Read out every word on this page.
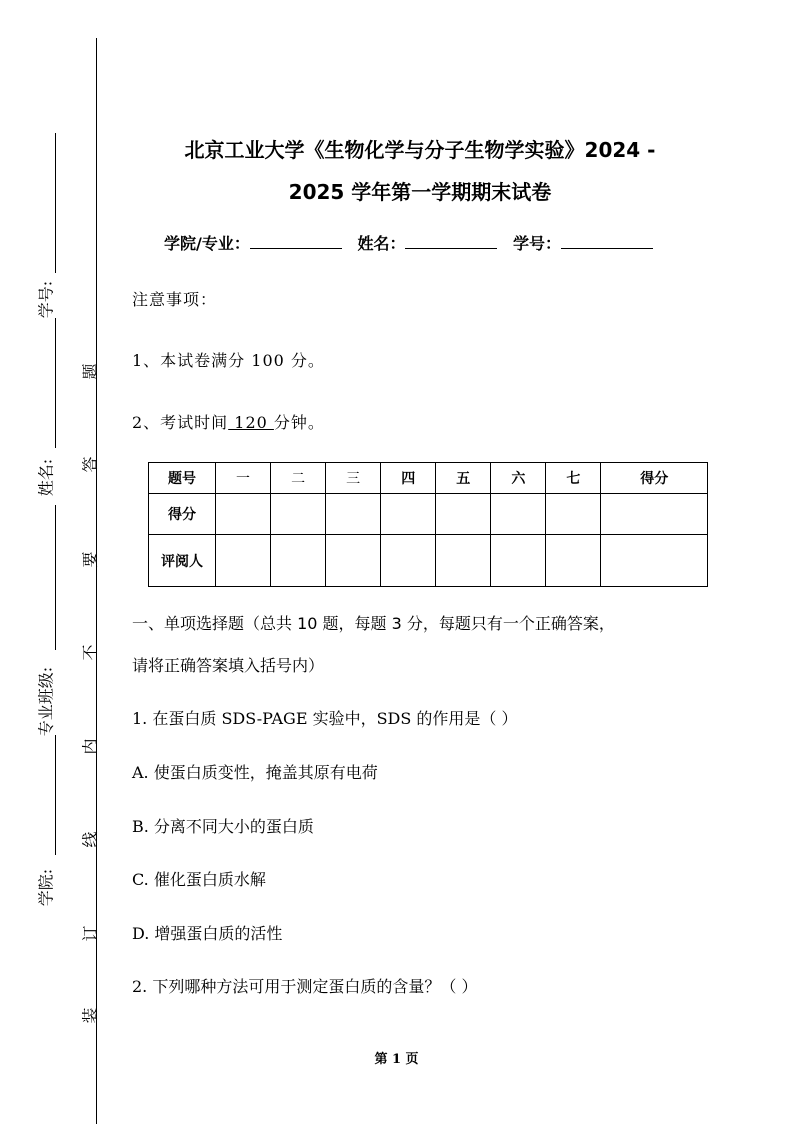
学号:
姓名:
专业班级:
学院:
题
答
要
不
内
线
订
装
北京工业大学《生物化学与分子生物学实验》2024 -
2025 学年第一学期期末试卷
学院/专业：	姓名：	学号：
注意事项：
1、本试卷满分 100 分。
2、考试时间 120 分钟。
题号	一	二	三	四	五	六	七	得分
得分								
评阅人								
一、单项选择题（总共 10 题，每题 3 分，每题只有一个正确答案，
请将正确答案填入括号内）
1. 在蛋白质 SDS-PAGE 实验中，SDS 的作用是（ ）
A. 使蛋白质变性，掩盖其原有电荷
B. 分离不同大小的蛋白质
C. 催化蛋白质水解
D. 增强蛋白质的活性
2. 下列哪种方法可用于测定蛋白质的含量？（ ）
第 1 页
